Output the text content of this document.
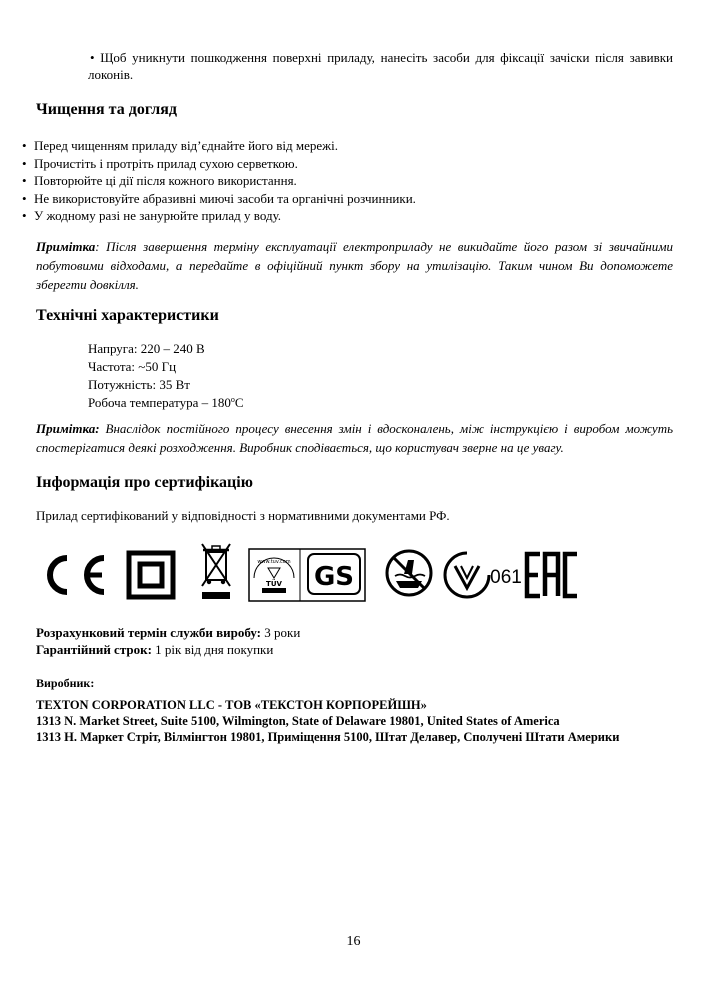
• Щоб уникнути пошкодження поверхні приладу, нанесіть засоби для фіксації зачіски після завивки локонів.

Чищення та догляд
• Перед чищенням приладу від’єднайте його від мережі.
• Прочистіть і протріть прилад сухою серветкою.
• Повторюйте ці дії після кожного використання.
• Не використовуйте абразивні миючі засоби та органічні розчинники.
• У жодному разі не занурюйте прилад у воду.

Примітка: Після завершення терміну експлуатації електроприладу не викидайте його разом зі звичайними побутовими відходами, а передайте в офіційний пункт збору на утилізацію. Таким чином Ви допоможете зберегти довкілля.

Технічні характеристики
Напруга: 220 – 240 В
Частота: ~50 Гц
Потужність: 35 Вт
Робоча температура – $180^оС$

Примітка: Внаслідок постійного процесу внесення змін і вдосконалень, між інструкцією і виробом можуть спостерігатися деякі розходження. Виробник сподівається, що користувач зверне на це увагу.

Інформація про сертифікацію
Прилад сертифікований у відповідності з нормативними документами РФ.
www.tuv.com
TÜV GS	061
Розрахунковий термін служби виробу: 3 роки
Гарантійний строк: 1 рік від дня покупки
Виробник:
TEXTON CORPORATION LLC - ТОВ «ТЕКСТОН КОРПОРЕЙШН»
1313 N. Market Street, Suite 5100, Wilmington, State of Delaware 19801, United States of America
1313 Н. Маркет Стріт, Вілмінгтон 19801, Приміщення 5100, Штат Делавер, Сполучені Штати Америки
16
